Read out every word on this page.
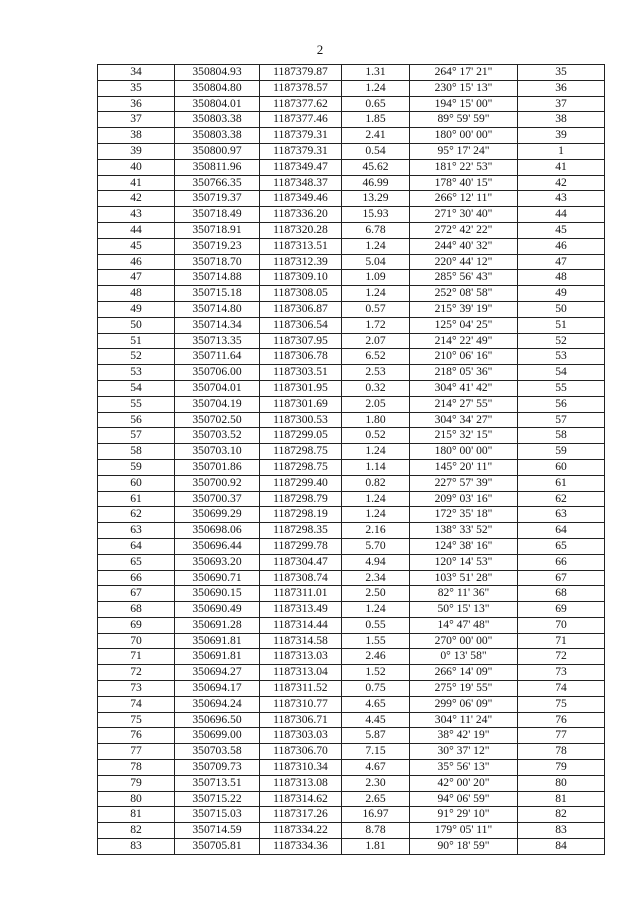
2
34	350804.93	1187379.87	1.31	264° 17' 21"	35
35	350804.80	1187378.57	1.24	230° 15' 13"	36
36	350804.01	1187377.62	0.65	194° 15' 00"	37
37	350803.38	1187377.46	1.85	89° 59' 59"	38
38	350803.38	1187379.31	2.41	180° 00' 00"	39
39	350800.97	1187379.31	0.54	95° 17' 24"	1
40	350811.96	1187349.47	45.62	181° 22' 53"	41
41	350766.35	1187348.37	46.99	178° 40' 15"	42
42	350719.37	1187349.46	13.29	266° 12' 11"	43
43	350718.49	1187336.20	15.93	271° 30' 40"	44
44	350718.91	1187320.28	6.78	272° 42' 22"	45
45	350719.23	1187313.51	1.24	244° 40' 32"	46
46	350718.70	1187312.39	5.04	220° 44' 12"	47
47	350714.88	1187309.10	1.09	285° 56' 43"	48
48	350715.18	1187308.05	1.24	252° 08' 58"	49
49	350714.80	1187306.87	0.57	215° 39' 19"	50
50	350714.34	1187306.54	1.72	125° 04' 25"	51
51	350713.35	1187307.95	2.07	214° 22' 49"	52
52	350711.64	1187306.78	6.52	210° 06' 16"	53
53	350706.00	1187303.51	2.53	218° 05' 36"	54
54	350704.01	1187301.95	0.32	304° 41' 42"	55
55	350704.19	1187301.69	2.05	214° 27' 55"	56
56	350702.50	1187300.53	1.80	304° 34' 27"	57
57	350703.52	1187299.05	0.52	215° 32' 15"	58
58	350703.10	1187298.75	1.24	180° 00' 00"	59
59	350701.86	1187298.75	1.14	145° 20' 11"	60
60	350700.92	1187299.40	0.82	227° 57' 39"	61
61	350700.37	1187298.79	1.24	209° 03' 16"	62
62	350699.29	1187298.19	1.24	172° 35' 18"	63
63	350698.06	1187298.35	2.16	138° 33' 52"	64
64	350696.44	1187299.78	5.70	124° 38' 16"	65
65	350693.20	1187304.47	4.94	120° 14' 53"	66
66	350690.71	1187308.74	2.34	103° 51' 28"	67
67	350690.15	1187311.01	2.50	82° 11' 36"	68
68	350690.49	1187313.49	1.24	50° 15' 13"	69
69	350691.28	1187314.44	0.55	14° 47' 48"	70
70	350691.81	1187314.58	1.55	270° 00' 00"	71
71	350691.81	1187313.03	2.46	0° 13' 58"	72
72	350694.27	1187313.04	1.52	266° 14' 09"	73
73	350694.17	1187311.52	0.75	275° 19' 55"	74
74	350694.24	1187310.77	4.65	299° 06' 09"	75
75	350696.50	1187306.71	4.45	304° 11' 24"	76
76	350699.00	1187303.03	5.87	38° 42' 19"	77
77	350703.58	1187306.70	7.15	30° 37' 12"	78
78	350709.73	1187310.34	4.67	35° 56' 13"	79
79	350713.51	1187313.08	2.30	42° 00' 20"	80
80	350715.22	1187314.62	2.65	94° 06' 59"	81
81	350715.03	1187317.26	16.97	91° 29' 10"	82
82	350714.59	1187334.22	8.78	179° 05' 11"	83
83	350705.81	1187334.36	1.81	90° 18' 59"	84
